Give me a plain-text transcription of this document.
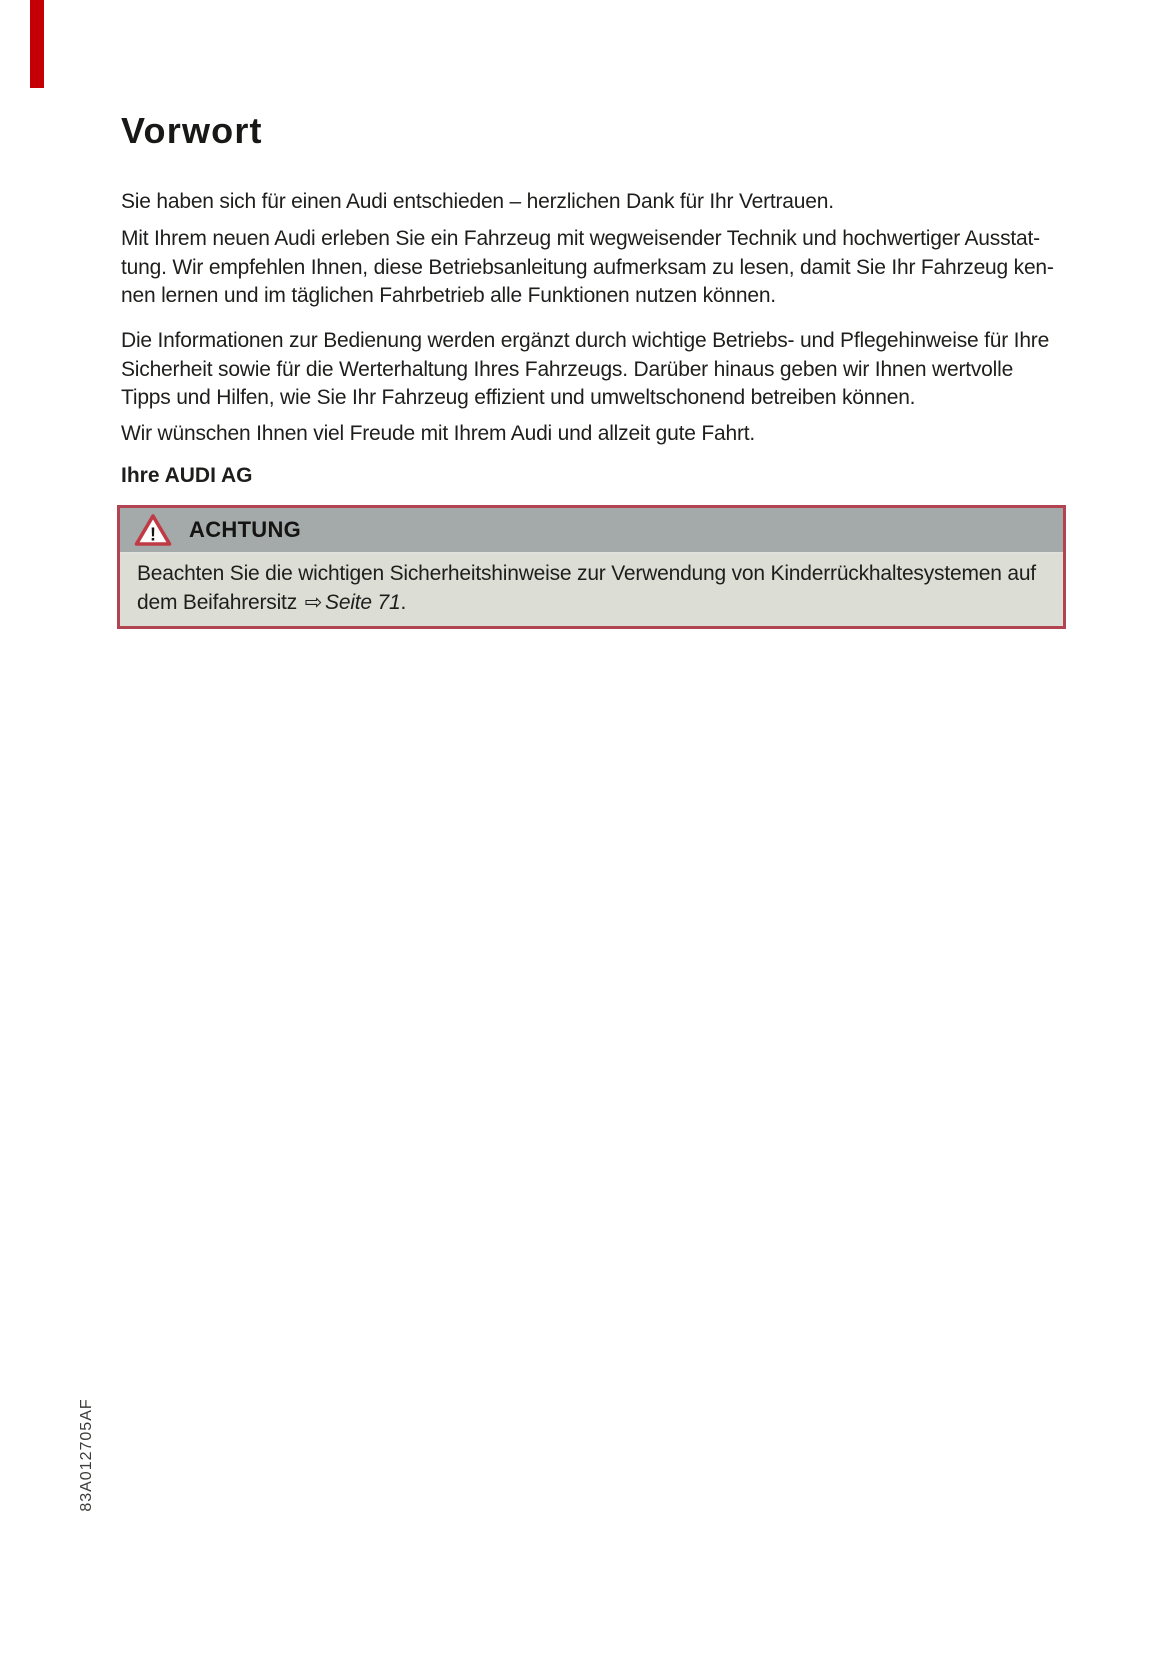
Vorwort

Sie haben sich für einen Audi entschieden – herzlichen Dank für Ihr Vertrauen.

Mit Ihrem neuen Audi erleben Sie ein Fahrzeug mit wegweisender Technik und hochwertiger Ausstat-
tung. Wir empfehlen Ihnen, diese Betriebsanleitung aufmerksam zu lesen, damit Sie Ihr Fahrzeug ken-
nen lernen und im täglichen Fahrbetrieb alle Funktionen nutzen können.

Die Informationen zur Bedienung werden ergänzt durch wichtige Betriebs- und Pflegehinweise für Ihre
Sicherheit sowie für die Werterhaltung Ihres Fahrzeugs. Darüber hinaus geben wir Ihnen wertvolle
Tipps und Hilfen, wie Sie Ihr Fahrzeug effizient und umweltschonend betreiben können.

Wir wünschen Ihnen viel Freude mit Ihrem Audi und allzeit gute Fahrt.

Ihre AUDI AG

! ACHTUNG
Beachten Sie die wichtigen Sicherheitshinweise zur Verwendung von Kinderrückhaltesystemen auf
dem Beifahrersitz ⇨ Seite 71.
83A012705AF
